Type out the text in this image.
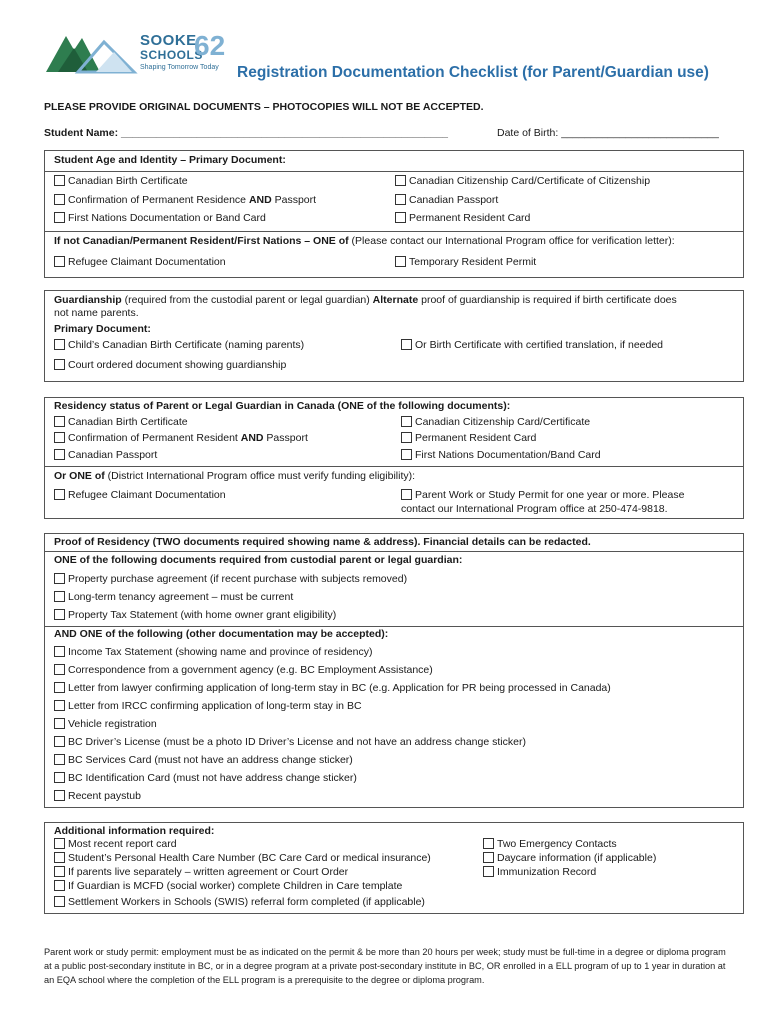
SOOKE
SCHOOLS
62
Shaping Tomorrow Today Registration Documentation Checklist (for Parent/Guardian use)
PLEASE PROVIDE ORIGINAL DOCUMENTS – PHOTOCOPIES WILL NOT BE ACCEPTED.
Student Name: ________________________________________________________	Date of Birth: ___________________________
Student Age and Identity – Primary Document:
Canadian Birth Certificate
Confirmation of Permanent Residence AND Passport
First Nations Documentation or Band Card
Canadian Citizenship Card/Certificate of Citizenship
Canadian Passport
Permanent Resident Card
If not Canadian/Permanent Resident/First Nations – ONE of (Please contact our International Program office for verification letter):
Refugee Claimant Documentation	Temporary Resident Permit
Guardianship (required from the custodial parent or legal guardian) Alternate proof of guardianship is required if birth certificate does
not name parents.
Primary Document:
Child’s Canadian Birth Certificate (naming parents)	Or Birth Certificate with certified translation, if needed
Court ordered document showing guardianship
Residency status of Parent or Legal Guardian in Canada (ONE of the following documents):
Canadian Birth Certificate
Confirmation of Permanent Resident AND Passport
Canadian Passport
Canadian Citizenship Card/Certificate
Permanent Resident Card
First Nations Documentation/Band Card
Or ONE of (District International Program office must verify funding eligibility):
Refugee Claimant Documentation	Parent Work or Study Permit for one year or more. Please
contact our International Program office at 250-474-9818.
Proof of Residency (TWO documents required showing name & address). Financial details can be redacted.
ONE of the following documents required from custodial parent or legal guardian:
Property purchase agreement (if recent purchase with subjects removed)
Long-term tenancy agreement – must be current
Property Tax Statement (with home owner grant eligibility)
AND ONE of the following (other documentation may be accepted):
Income Tax Statement (showing name and province of residency)
Correspondence from a government agency (e.g. BC Employment Assistance)
Letter from lawyer confirming application of long-term stay in BC (e.g. Application for PR being processed in Canada)
Letter from IRCC confirming application of long-term stay in BC
Vehicle registration
BC Driver’s License (must be a photo ID Driver’s License and not have an address change sticker)
BC Services Card (must not have an address change sticker)
BC Identification Card (must not have address change sticker)
Recent paystub
Additional information required:
Most recent report card
Student’s Personal Health Care Number (BC Care Card or medical insurance)
If parents live separately – written agreement or Court Order
If Guardian is MCFD (social worker) complete Children in Care template
Settlement Workers in Schools (SWIS) referral form completed (if applicable)
Two Emergency Contacts
Daycare information (if applicable)
Immunization Record
Parent work or study permit: employment must be as indicated on the permit & be more than 20 hours per week; study must be full-time in a degree or diploma program at a public post-secondary institute in BC, or in a degree program at a private post-secondary institute in BC, OR enrolled in a ELL program of up to 1 year in duration at an EQA school where the completion of the ELL program is a prerequisite to the degree or diploma program.
